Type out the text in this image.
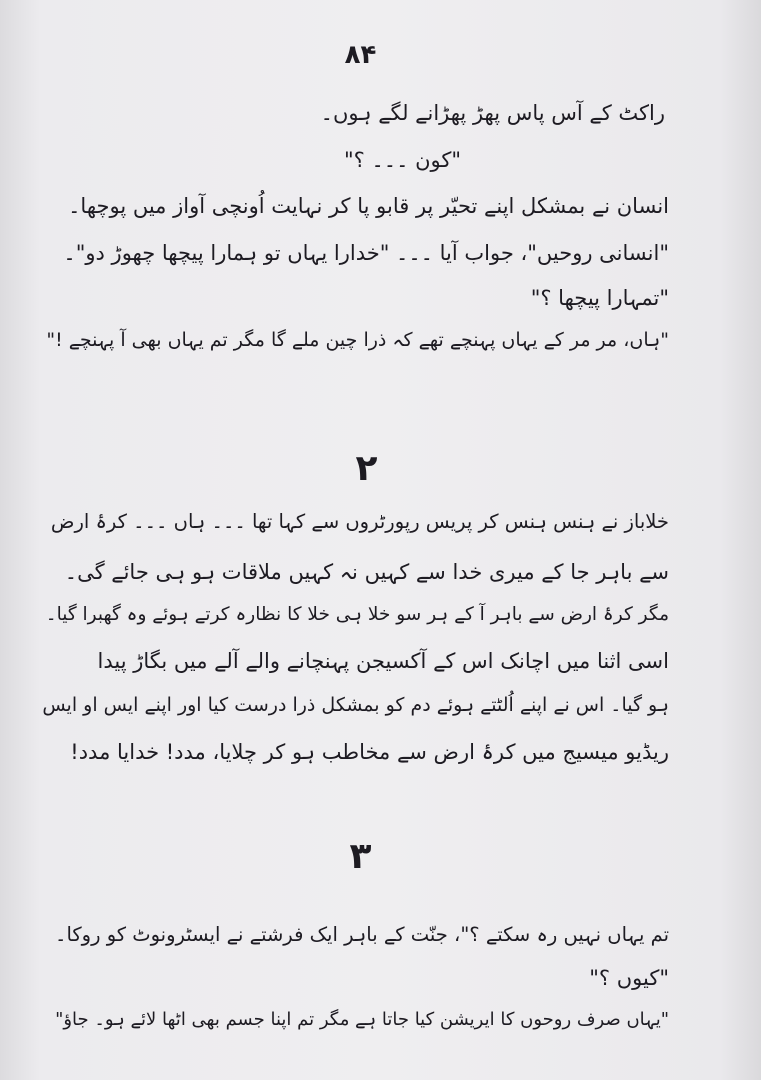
۸۴
راکٹ کے آس پاس پھڑ پھڑانے لگے ہوں۔
"کون ۔۔۔ ؟"
انسان نے بمشکل اپنے تحیّر پر قابو پا کر نہایت اُونچی آواز میں پوچھا۔
"انسانی روحیں"، جواب آیا ۔۔۔ "خدارا یہاں تو ہمارا پیچھا چھوڑ دو"۔
"تمہارا پیچھا ؟"
"ہاں، مر مر کے یہاں پہنچے تھے کہ ذرا چین ملے گا مگر تم یہاں بھی آ پہنچے !"
۲
خلاباز نے ہنس ہنس کر پریس رپورٹروں سے کہا تھا ۔۔۔ ہاں ۔۔۔ کرۂ ارض
سے باہر جا کے میری خدا سے کہیں نہ کہیں ملاقات ہو ہی جائے گی۔
مگر کرۂ ارض سے باہر آ کے ہر سو خلا ہی خلا کا نظارہ کرتے ہوئے وہ گھبرا گیا۔
اسی اثنا میں اچانک اس کے آکسیجن پہنچانے والے آلے میں بگاڑ پیدا
ہو گیا۔ اس نے اپنے اُلٹتے ہوئے دم کو بمشکل ذرا درست کیا اور اپنے ایس او ایس
ریڈیو میسیج میں کرۂ ارض سے مخاطب ہو کر چلایا، مدد! خدایا مدد!
۳
تم یہاں نہیں رہ سکتے ؟"، جنّت کے باہر ایک فرشتے نے ایسٹرونوٹ کو روکا۔
"کیوں ؟"
"یہاں صرف روحوں کا ایریشن کیا جاتا ہے مگر تم اپنا جسم بھی اٹھا لائے ہو۔ جاؤ"
